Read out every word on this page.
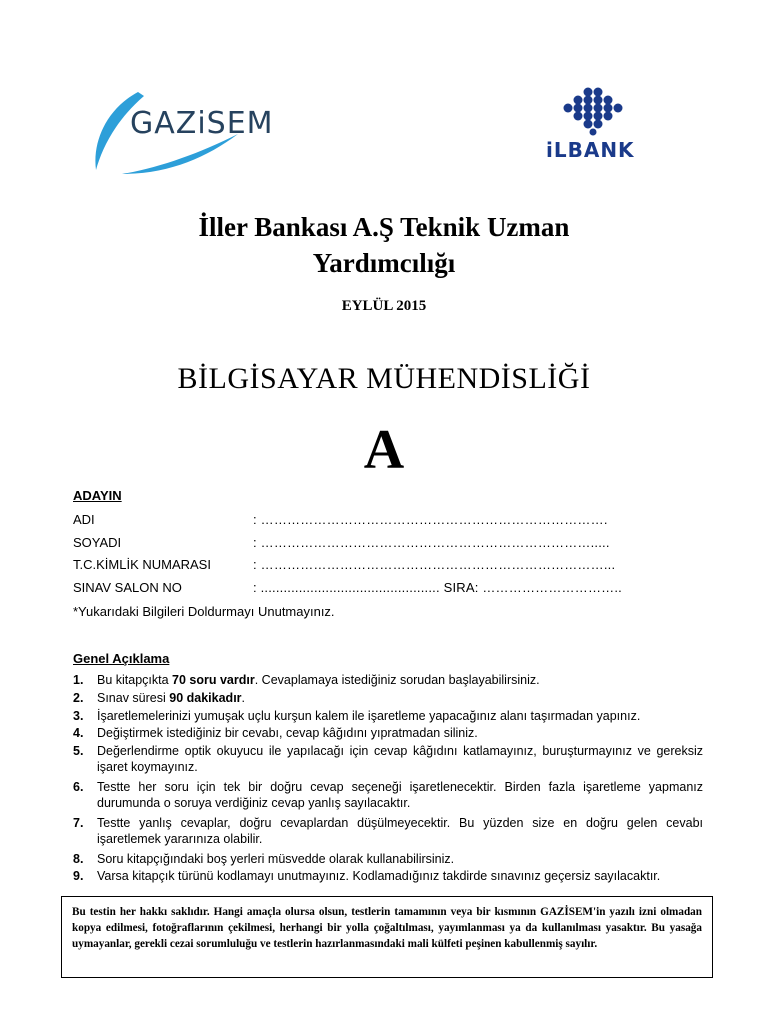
GAZiSEM
iLBANK
İller Bankası A.Ş Teknik Uzman
Yardımcılığı
EYLÜL 2015
BİLGİSAYAR MÜHENDİSLİĞİ
A
ADAYIN
ADI	: …………………………………………………………………….
SOYADI	: ………………………………………………………………….....
T.C.KİMLİK NUMARASI	: ……………………………………………………………………...
SINAV SALON NO	: ............................................... SIRA: …………………………..
*Yukarıdaki Bilgileri Doldurmayı Unutmayınız.
Genel Açıklama
1. Bu kitapçıkta 70 soru vardır. Cevaplamaya istediğiniz sorudan başlayabilirsiniz.
2. Sınav süresi 90 dakikadır.
3. İşaretlemelerinizi yumuşak uçlu kurşun kalem ile işaretleme yapacağınız alanı taşırmadan yapınız.
4. Değiştirmek istediğiniz bir cevabı, cevap kâğıdını yıpratmadan siliniz.
5. Değerlendirme optik okuyucu ile yapılacağı için cevap kâğıdını katlamayınız, buruşturmayınız ve gereksiz işaret koymayınız.
6. Testte her soru için tek bir doğru cevap seçeneği işaretlenecektir. Birden fazla işaretleme yapmanız durumunda o soruya verdiğiniz cevap yanlış sayılacaktır.
7. Testte yanlış cevaplar, doğru cevaplardan düşülmeyecektir. Bu yüzden size en doğru gelen cevabı işaretlemek yararınıza olabilir.
8. Soru kitapçığındaki boş yerleri müsvedde olarak kullanabilirsiniz.
9. Varsa kitapçık türünü kodlamayı unutmayınız. Kodlamadığınız takdirde sınavınız geçersiz sayılacaktır.
Bu testin her hakkı saklıdır. Hangi amaçla olursa olsun, testlerin tamamının veya bir kısmının GAZİSEM'in yazılı izni olmadan kopya edilmesi, fotoğraflarının çekilmesi, herhangi bir yolla çoğaltılması, yayımlanması ya da kullanılması yasaktır. Bu yasağa uymayanlar, gerekli cezai sorumluluğu ve testlerin hazırlanmasındaki mali külfeti peşinen kabullenmiş sayılır.
